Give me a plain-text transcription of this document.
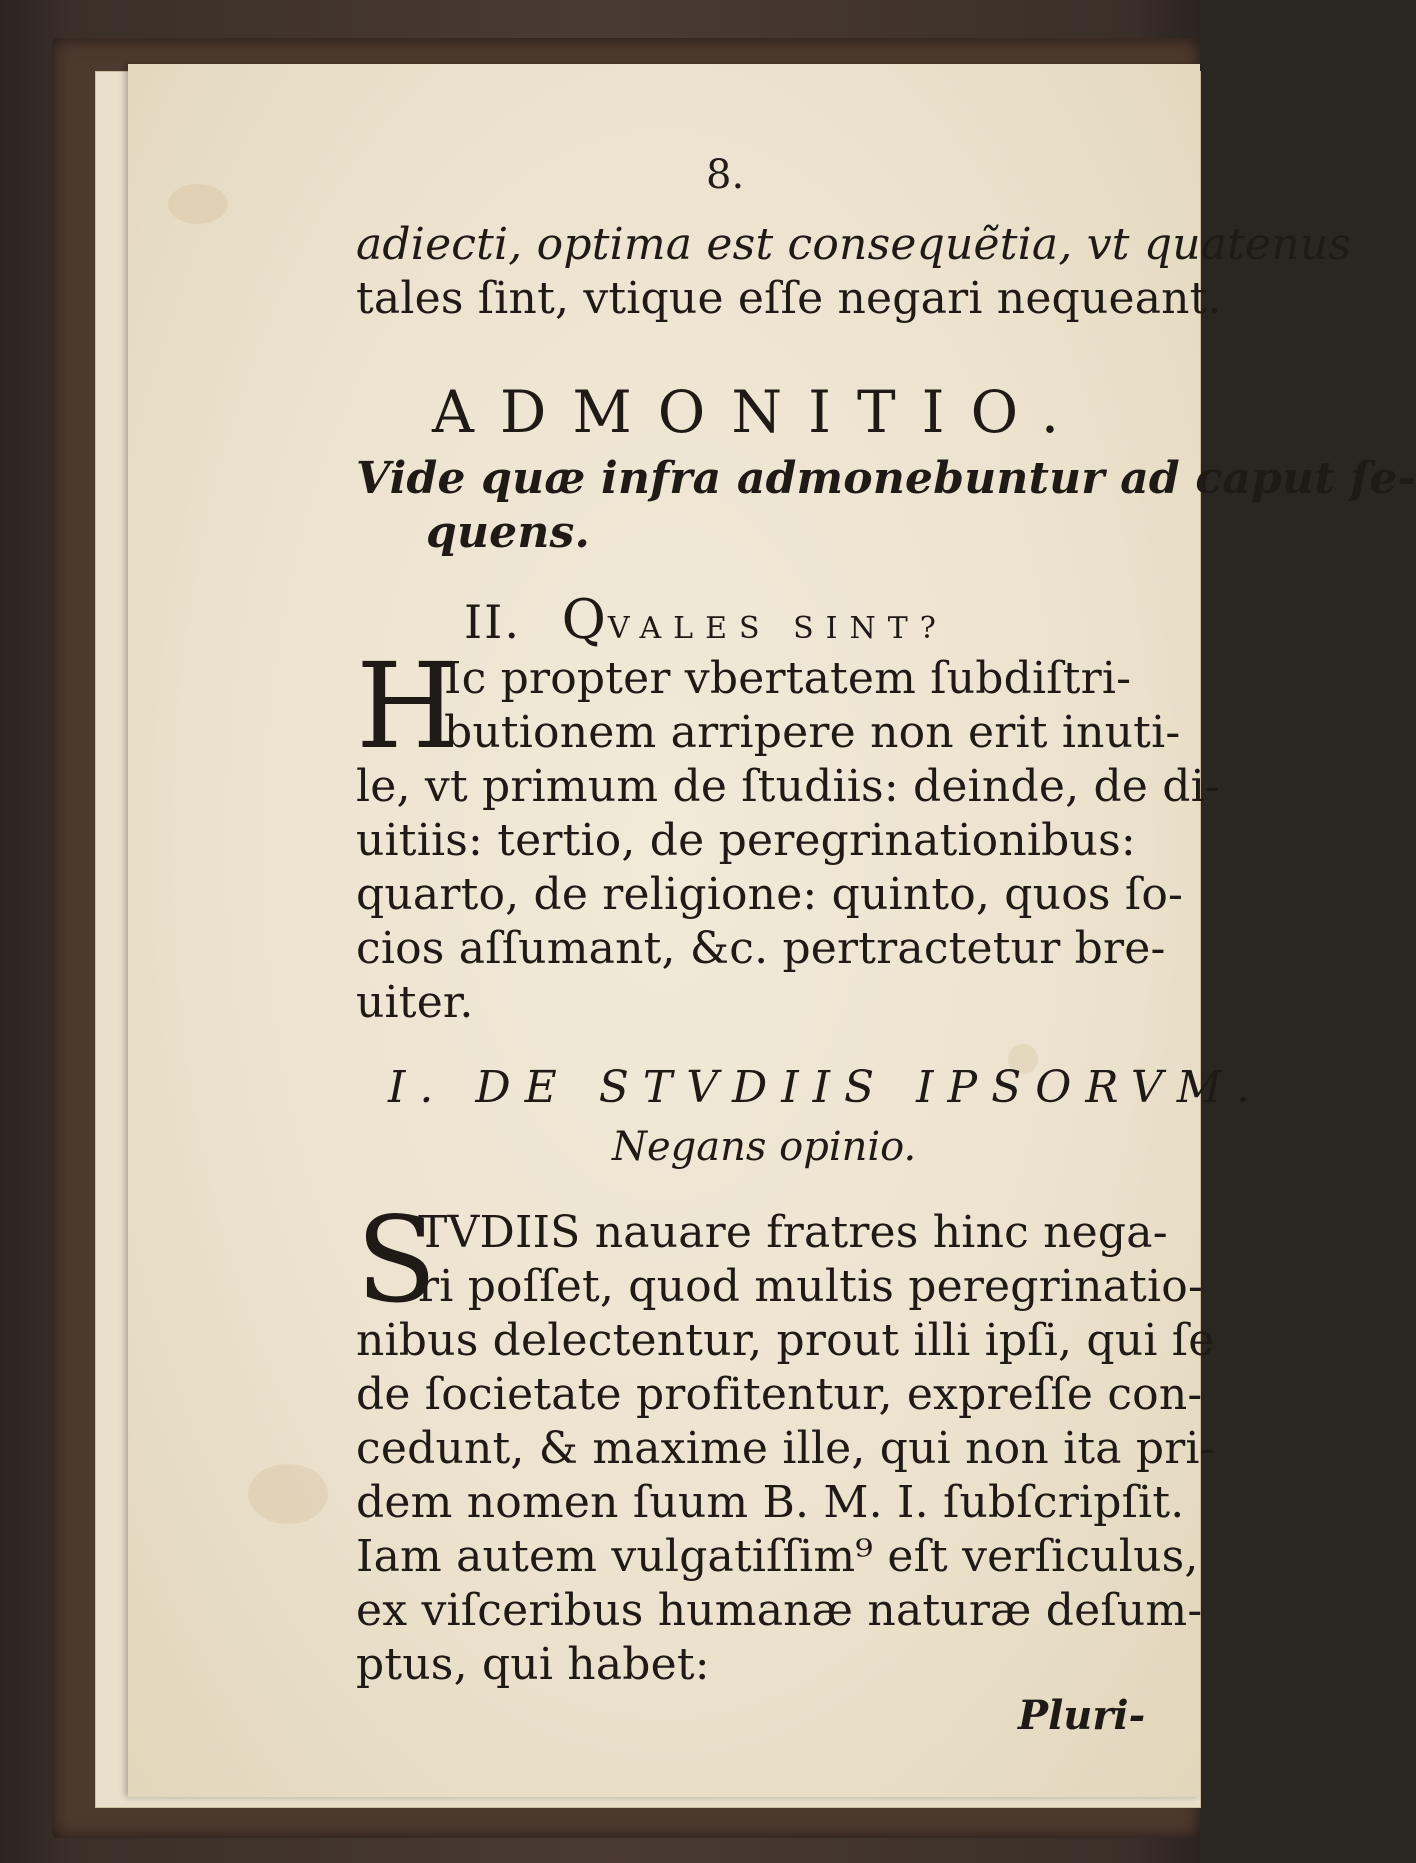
8.
adiecti, optima est consequẽtia, vt quatenus
tales ſint, vtique eſſe negari nequeant.
ADMONITIO.
Vide quæ infra admonebuntur ad caput ſe-
quens.
II. QVALES SINT?
H
Ic propter vbertatem ſubdiſtri-
butionem arripere non erit inuti-
le, vt primum de ſtudiis: deinde, de di-
uitiis: tertio, de peregrinationibus:
quarto, de religione: quinto, quos ſo-
cios aſſumant, &c. pertractetur bre-
uiter.
I. DE STVDIIS IPSORVM.
Negans opinio.
S
TVDIIS nauare fratres hinc nega-
ri poſſet, quod multis peregrinatio-
nibus delectentur, prout illi ipſi, qui ſe
de ſocietate profitentur, expreſſe con-
cedunt, & maxime ille, qui non ita pri-
dem nomen ſuum B. M. I. ſubſcripſit.
Iam autem vulgatiſſim⁹ eſt verſiculus,
ex viſceribus humanæ naturæ deſum-
ptus, qui habet:
Pluri-
